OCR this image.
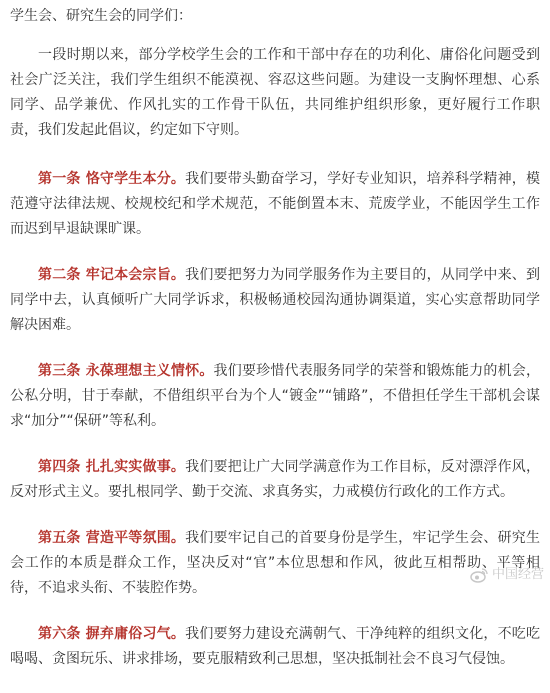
学生会、研究生会的同学们：

一段时期以来，部分学校学生会的工作和干部中存在的功利化、庸俗化问题受到社会广泛关注，我们学生组织不能漠视、容忍这些问题。为建设一支胸怀理想、心系同学、品学兼优、作风扎实的工作骨干队伍，共同维护组织形象，更好履行工作职责，我们发起此倡议，约定如下守则。

第一条 恪守学生本分。我们要带头勤奋学习，学好专业知识，培养科学精神，模范遵守法律法规、校规校纪和学术规范，不能倒置本末、荒废学业，不能因学生工作而迟到早退缺课旷课。

第二条 牢记本会宗旨。我们要把努力为同学服务作为主要目的，从同学中来、到同学中去，认真倾听广大同学诉求，积极畅通校园沟通协调渠道，实心实意帮助同学解决困难。

第三条 永葆理想主义情怀。我们要珍惜代表服务同学的荣誉和锻炼能力的机会，公私分明，甘于奉献，不借组织平台为个人“镀金”“铺路”，不借担任学生干部机会谋求“加分”“保研”等私利。

第四条 扎扎实实做事。我们要把让广大同学满意作为工作目标，反对漂浮作风，反对形式主义。要扎根同学、勤于交流、求真务实，力戒模仿行政化的工作方式。

第五条 营造平等氛围。我们要牢记自己的首要身份是学生，牢记学生会、研究生会工作的本质是群众工作，坚决反对“官”本位思想和作风，彼此互相帮助、平等相待，不追求头衔、不装腔作势。

第六条 摒弃庸俗习气。我们要努力建设充满朝气、干净纯粹的组织文化，不吃吃喝喝、贪图玩乐、讲求排场，要克服精致利己思想，坚决抵制社会不良习气侵蚀。

中国经营
